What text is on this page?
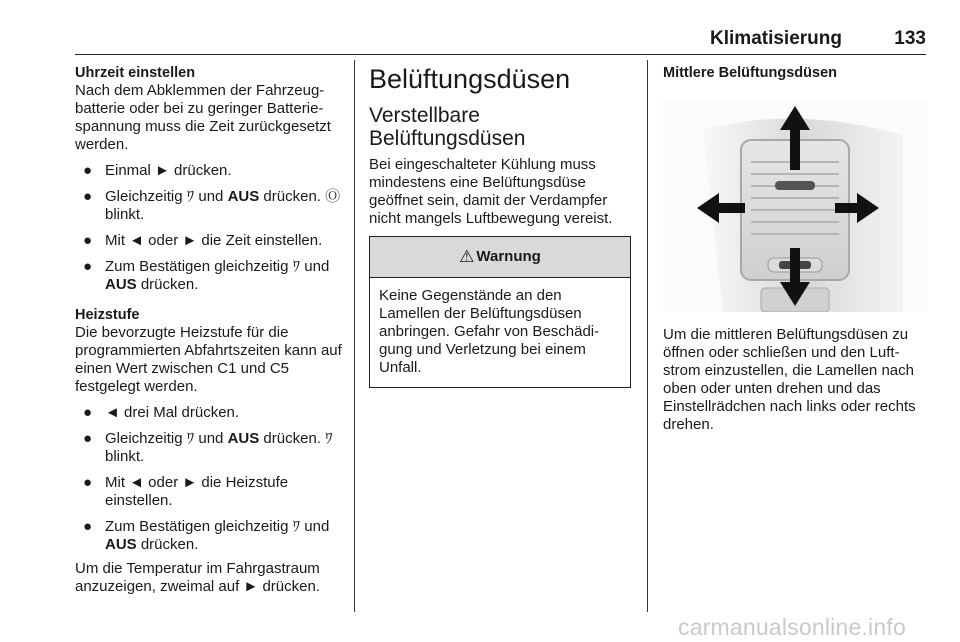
Klimatisierung	133
Uhrzeit einstellen

Nach dem Abklemmen der Fahrzeugbatterie oder bei zu geringer Batteriespannung muss die Zeit zurückgesetzt werden.

● Einmal ► drücken.
● Gleichzeitig ﾜ und AUS drücken. Ⓞ blinkt.
● Mit ◄ oder ► die Zeit einstellen.
● Zum Bestätigen gleichzeitig ﾜ und AUS drücken.
Heizstufe

Die bevorzugte Heizstufe für die programmierten Abfahrtszeiten kann auf einen Wert zwischen C1 und C5 festgelegt werden.

● ◄ drei Mal drücken.
● Gleichzeitig ﾜ und AUS drücken. ﾜ blinkt.
● Mit ◄ oder ► die Heizstufe einstellen.
● Zum Bestätigen gleichzeitig ﾜ und AUS drücken.

Um die Temperatur im Fahrgastraum anzuzeigen, zweimal auf ► drücken.

Belüftungsdüsen
Verstellbare Belüftungsdüsen

Bei eingeschalteter Kühlung muss mindestens eine Belüftungsdüse geöffnet sein, damit der Verdampfer nicht mangels Luftbewegung vereist.

⚠ Warnung
Keine Gegenstände an den Lamellen der Belüftungsdüsen anbringen. Gefahr von Beschädigung und Verletzung bei einem Unfall.
Mittlere Belüftungsdüsen

Um die mittleren Belüftungsdüsen zu öffnen oder schließen und den Luftstrom einzustellen, die Lamellen nach oben oder unten drehen und das Einstellrädchen nach links oder rechts drehen.

carmanualsonline.info
